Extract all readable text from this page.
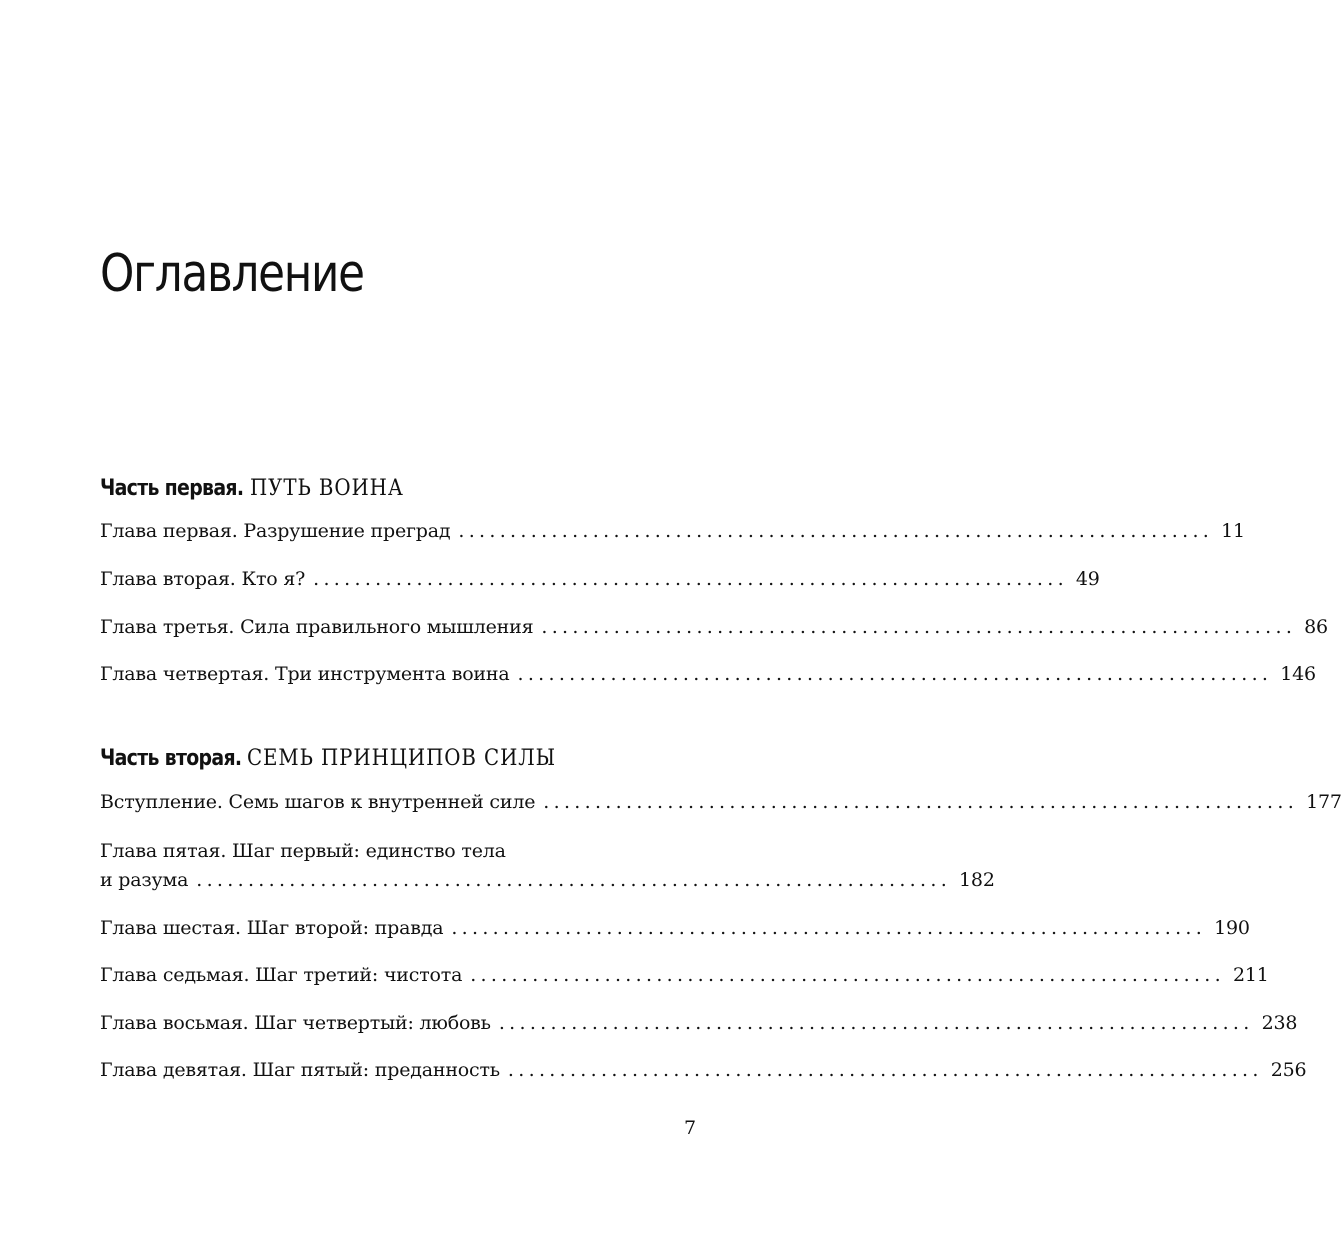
Оглавление
Часть первая. ПУТЬ ВОИНА
Глава первая. Разрушение преград ......................................................................... 11
Глава вторая. Кто я? ......................................................................... 49
Глава третья. Сила правильного мышления ......................................................................... 86
Глава четвертая. Три инструмента воина ......................................................................... 146
Часть вторая. СЕМЬ ПРИНЦИПОВ СИЛЫ
Вступление. Семь шагов к внутренней силе ......................................................................... 177
Глава пятая. Шаг первый: единство тела
и разума ......................................................................... 182
Глава шестая. Шаг второй: правда ......................................................................... 190
Глава седьмая. Шаг третий: чистота ......................................................................... 211
Глава восьмая. Шаг четвертый: любовь ......................................................................... 238
Глава девятая. Шаг пятый: преданность ......................................................................... 256
7
